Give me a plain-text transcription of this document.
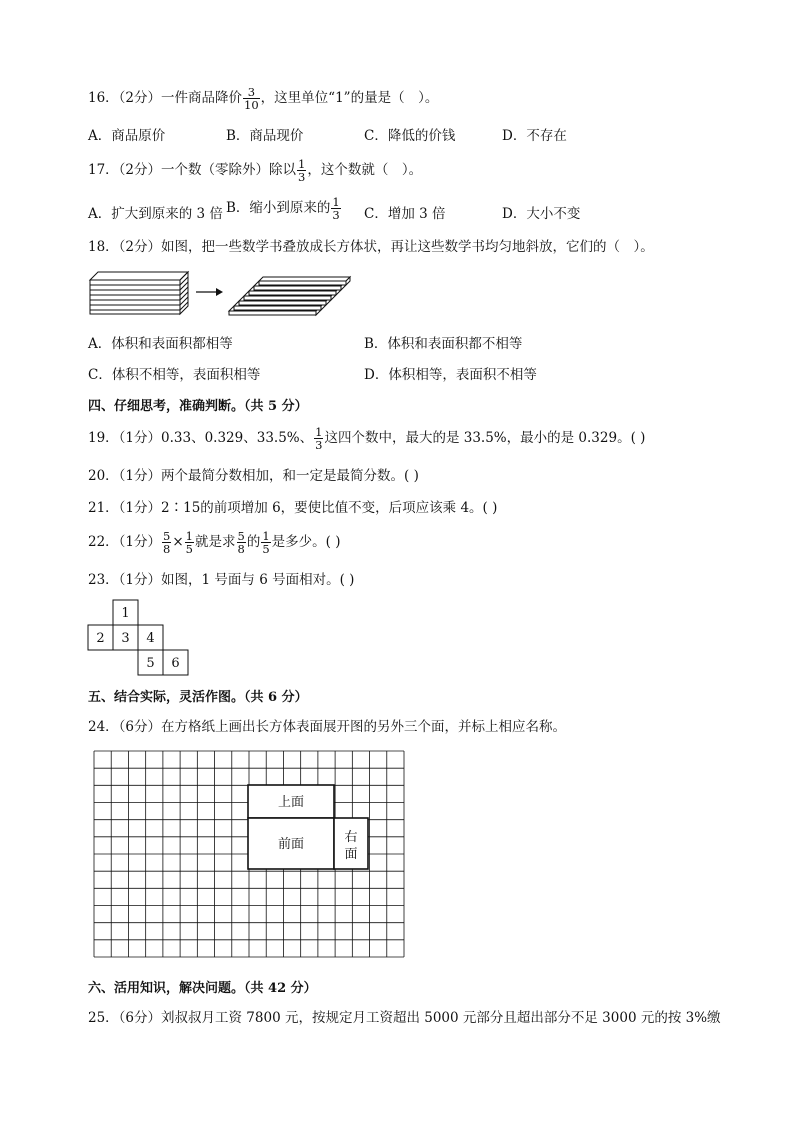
16．（2分）一件商品降价 $\frac{3}{10}$ ，这里单位“1”的量是（　）。
A．商品原价	B．商品现价	C．降低的价钱	D．不存在
17．（2分）一个数（零除外）除以 $\frac{1}{3}$ ，这个数就（　）。
A．扩大到原来的 3 倍 B．缩小到原来的 $\frac{1}{3}$ C．增加 3 倍	D．大小不变
18．（2分）如图，把一些数学书叠放成长方体状，再让这些数学书均匀地斜放，它们的（　）。
A．体积和表面积都相等	B．体积和表面积都不相等
C．体积不相等，表面积相等	D．体积相等，表面积不相等
四、仔细思考，准确判断。（共 5 分）
19．（1分）0.33、0.329、33.5%、 $\frac{1}{3}$ 这四个数中，最大的是 33.5%，最小的是 0.329。( )
20．（1分）两个最简分数相加，和一定是最简分数。( )
21．（1分）2∶15的前项增加 6，要使比值不变，后项应该乘 4。( )
22．（1分） $\frac{5}{8} \times \frac{1}{5}$ 就是求 $\frac{5}{8}$ 的 $\frac{1}{5}$ 是多少。( )
23．（1分）如图，1 号面与 6 号面相对。( )
1
2 3 4
5 6
五、结合实际，灵活作图。（共 6 分）
24．（6分）在方格纸上画出长方体表面展开图的另外三个面，并标上相应名称。
上面
前面	右
面
六、活用知识，解决问题。（共 42 分）
25．（6分）刘叔叔月工资 7800 元，按规定月工资超出 5000 元部分且超出部分不足 3000 元的按 3%缴
